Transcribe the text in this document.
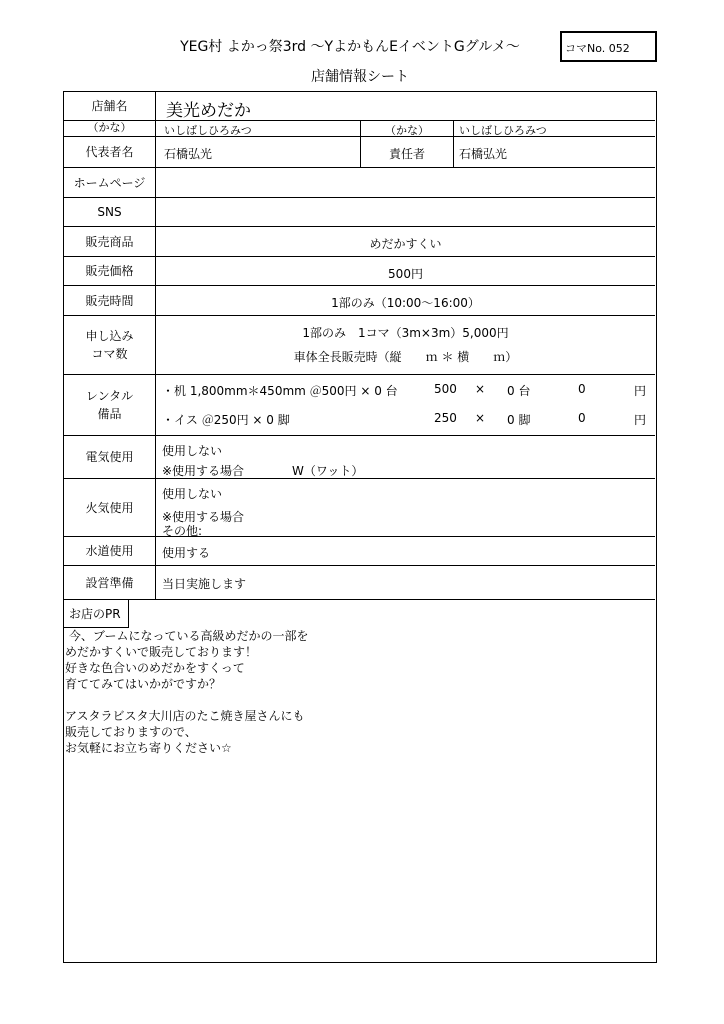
YEG村 よかっ祭3rd 〜YよかもんEイベントGグルメ〜
店舗情報シート
コマNo. 052
店舗名	美光めだか
（かな）	いしばしひろみつ	（かな）	いしばしひろみつ
代表者名	石橋弘光	責任者	石橋弘光
ホームページ
SNS
販売商品	めだかすくい
販売価格	500円
販売時間	1部のみ（10:00〜16:00）
申し込み
コマ数
1部のみ　1コマ（3m×3m）5,000円
車体全長販売時（縦　　ｍ ＊ 横　　ｍ）
レンタル
備品
・机 1,800mm＊450mm ＠500円 × 0 台	500 × 0 台	0	円
・イス ＠250円 × 0 脚	250 × 0 脚	0	円
電気使用	使用しない
※使用する場合　　　　W（ワット）
火気使用
使用しない
※使用する場合
その他:
水道使用	使用する
設営準備	当日実施します
お店のPR
今、ブームになっている高級めだかの一部を
めだかすくいで販売しております！
好きな色合いのめだかをすくって
育ててみてはいかがですか？

アスタラビスタ大川店のたこ焼き屋さんにも
販売しておりますので、
お気軽にお立ち寄りください☆
